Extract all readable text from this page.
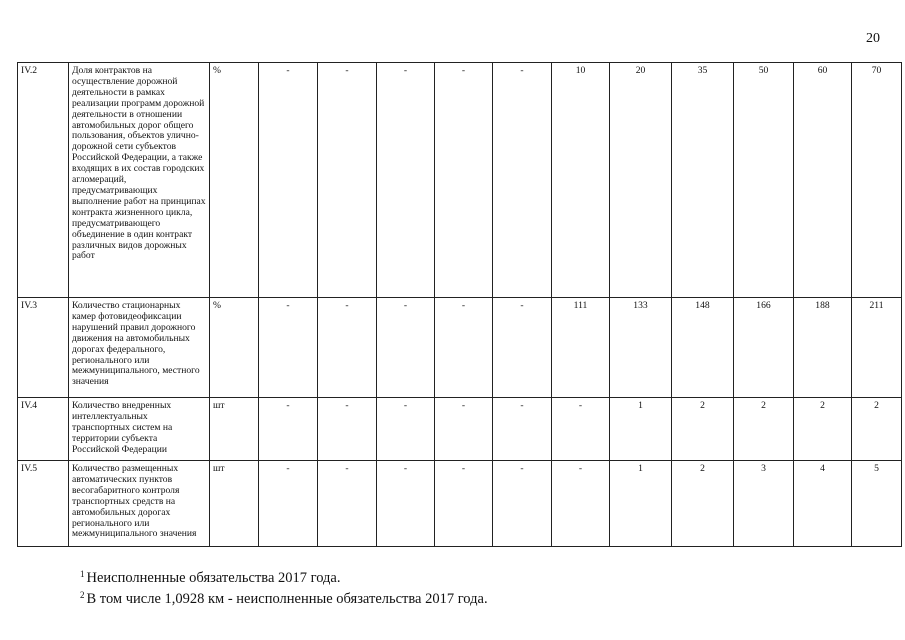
20
IV.2	Доля контрактов на осуществление дорожной деятельности в рамках реализации программ дорожной деятельности в отношении автомобильных дорог общего пользования, объектов улично-дорожной сети субъектов Российской Федерации, а также входящих в их состав городских агломераций, предусматривающих выполнение работ на принципах контракта жизненного цикла, предусматривающего объединение в один контракт различных видов дорожных работ	%	-	-	-	-	-	10	20	35	50	60	70
IV.3	Количество стационарных камер фотовидеофиксации нарушений правил дорожного движения на автомобильных дорогах федерального, регионального или межмуниципального, местного значения	%	-	-	-	-	-	111	133	148	166	188	211
IV.4	Количество внедренных интеллектуальных транспортных систем на территории субъекта Российской Федерации	шт	-	-	-	-	-	-	1	2	2	2	2
IV.5	Количество размещенных автоматических пунктов весогабаритного контроля транспортных средств на автомобильных дорогах регионального или межмуниципального значения	шт	-	-	-	-	-	-	1	2	3	4	5
$^1$ Неисполненные обязательства 2017 года.
$^2$ В том числе 1,0928 км - неисполненные обязательства 2017 года.
